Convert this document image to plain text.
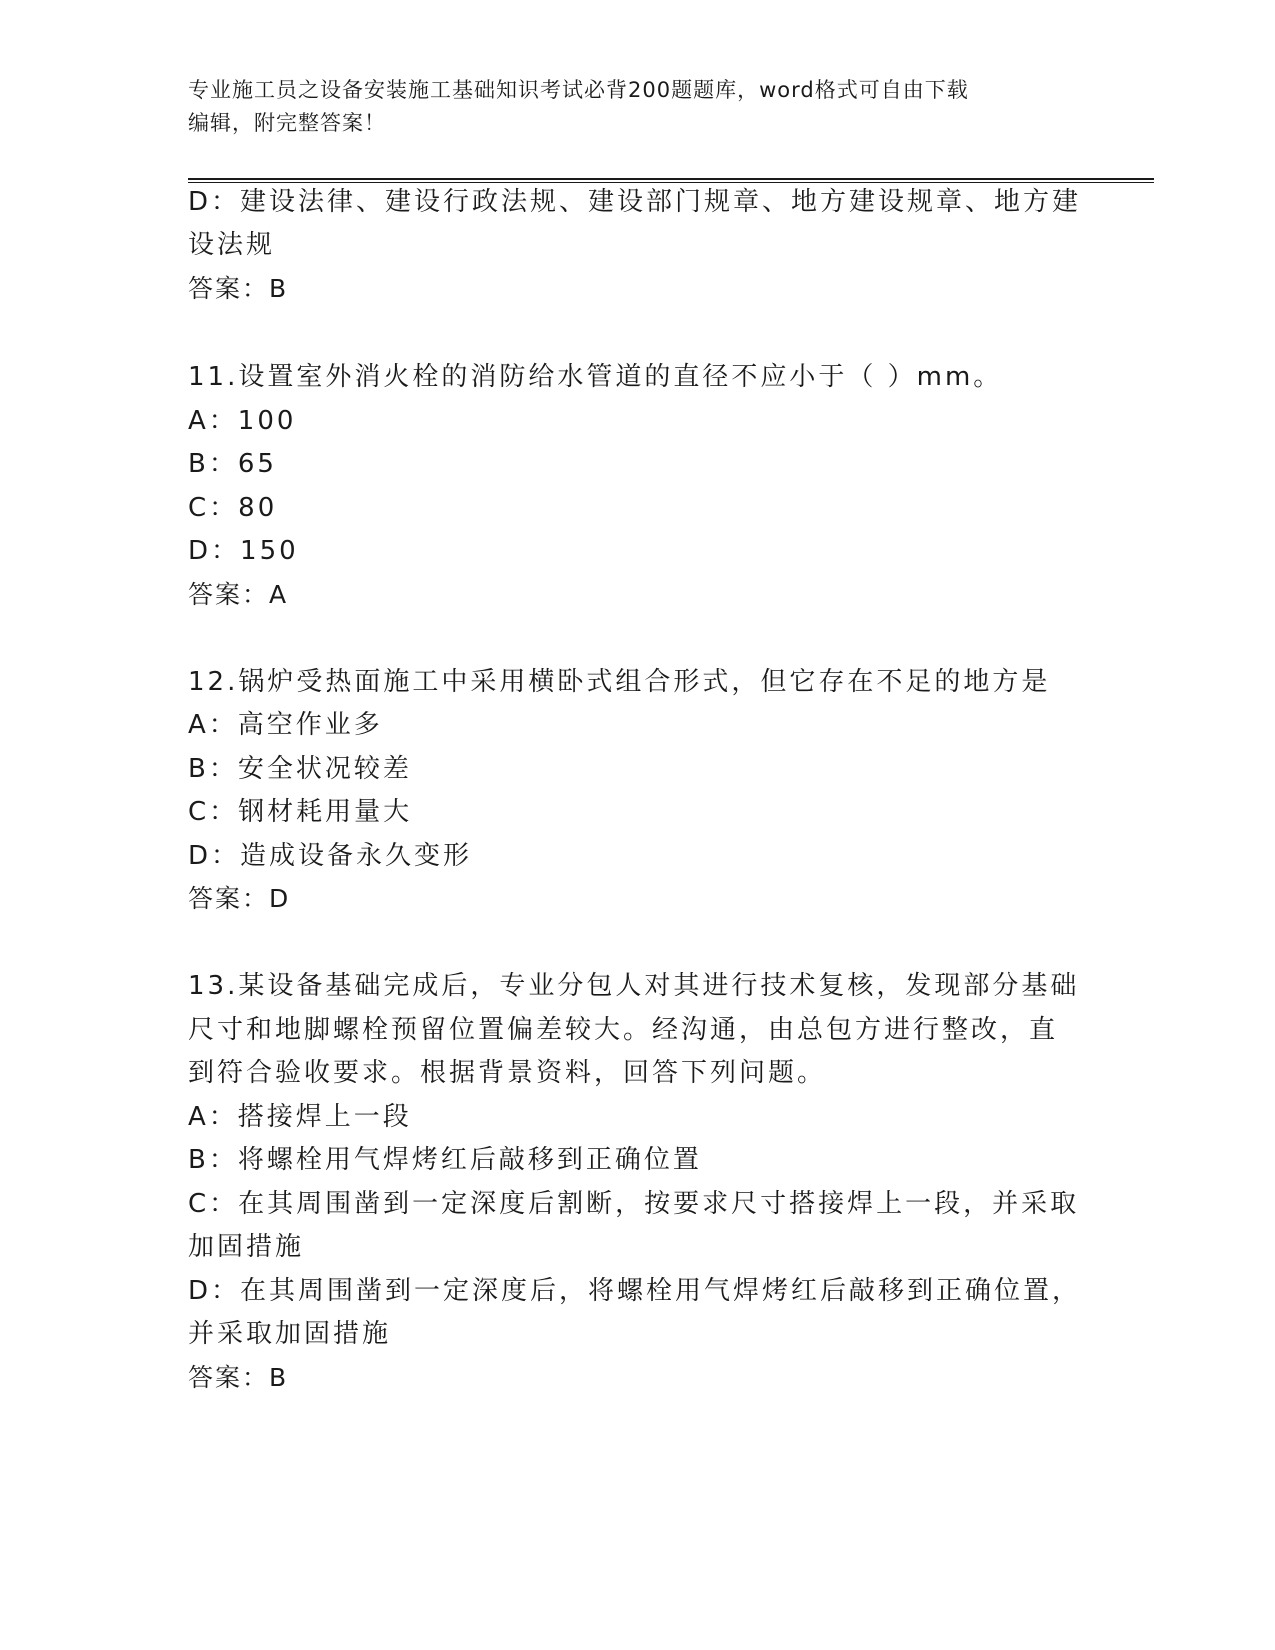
专业施工员之设备安装施工基础知识考试必背200题题库，word格式可自由下载
编辑，附完整答案！
D：建设法律、建设行政法规、建设部门规章、地方建设规章、地方建
设法规
答案：B
11.设置室外消火栓的消防给水管道的直径不应小于（ ）mm。
A：100
B：65
C：80
D：150
答案：A
12.锅炉受热面施工中采用横卧式组合形式，但它存在不足的地方是
A：高空作业多
B：安全状况较差
C：钢材耗用量大
D：造成设备永久变形
答案：D
13.某设备基础完成后，专业分包人对其进行技术复核，发现部分基础
尺寸和地脚螺栓预留位置偏差较大。经沟通，由总包方进行整改，直
到符合验收要求。根据背景资料，回答下列问题。
A：搭接焊上一段
B：将螺栓用气焊烤红后敲移到正确位置
C：在其周围凿到一定深度后割断，按要求尺寸搭接焊上一段，并采取
加固措施
D：在其周围凿到一定深度后，将螺栓用气焊烤红后敲移到正确位置，
并采取加固措施
答案：B
